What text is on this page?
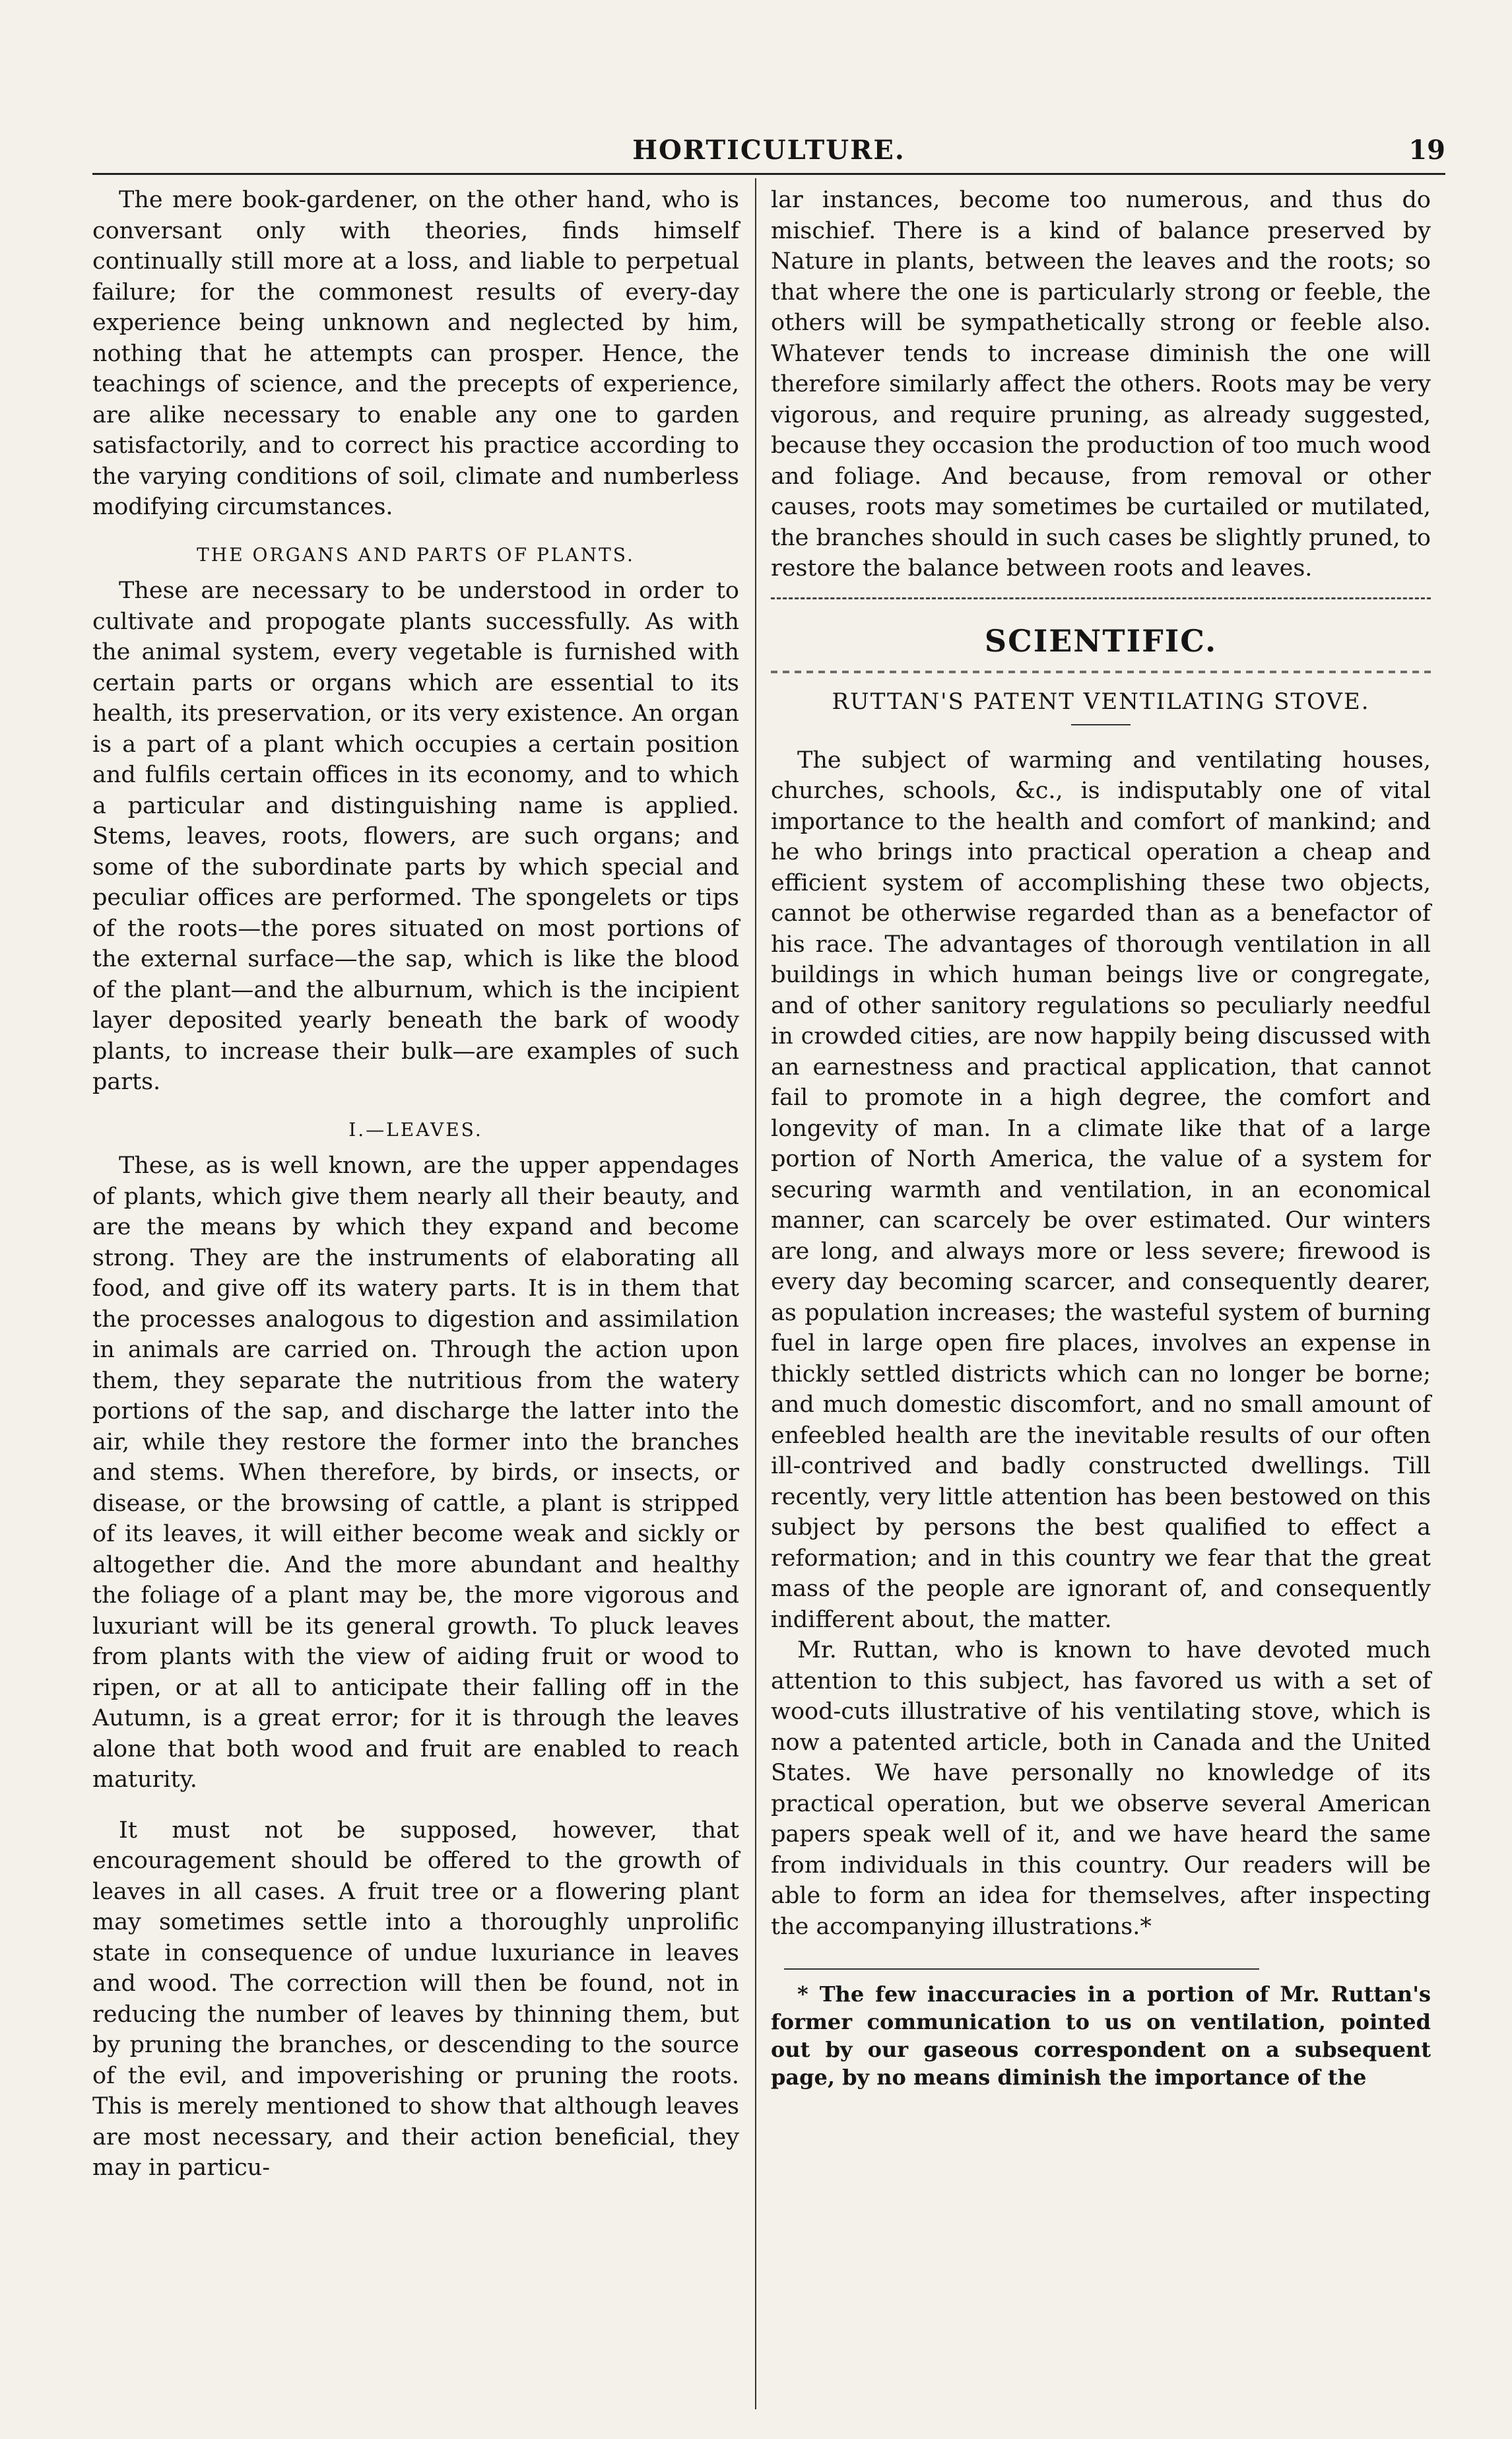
HORTICULTURE.	19

The mere book-gardener, on the other hand, who is conversant only with theories, finds himself continually still more at a loss, and liable to perpetual failure; for the commonest results of every-day experience being unknown and neglected by him, nothing that he attempts can prosper. Hence, the teachings of science, and the precepts of experience, are alike necessary to enable any one to garden satisfactorily, and to correct his practice according to the varying conditions of soil, climate and numberless modifying circumstances.

THE ORGANS AND PARTS OF PLANTS.

These are necessary to be understood in order to cultivate and propogate plants successfully. As with the animal system, every vegetable is furnished with certain parts or organs which are essential to its health, its preservation, or its very existence. An organ is a part of a plant which occupies a certain position and fulfils certain offices in its economy, and to which a particular and distinguishing name is applied. Stems, leaves, roots, flowers, are such organs; and some of the subordinate parts by which special and peculiar offices are performed. The spongelets or tips of the roots—the pores situated on most portions of the external surface—the sap, which is like the blood of the plant—and the alburnum, which is the incipient layer deposited yearly beneath the bark of woody plants, to increase their bulk—are examples of such parts.

I.—LEAVES.

These, as is well known, are the upper appendages of plants, which give them nearly all their beauty, and are the means by which they expand and become strong. They are the instruments of elaborating all food, and give off its watery parts. It is in them that the processes analogous to digestion and assimilation in animals are carried on. Through the action upon them, they separate the nutritious from the watery portions of the sap, and discharge the latter into the air, while they restore the former into the branches and stems. When therefore, by birds, or insects, or disease, or the browsing of cattle, a plant is stripped of its leaves, it will either become weak and sickly or altogether die. And the more abundant and healthy the foliage of a plant may be, the more vigorous and luxuriant will be its general growth. To pluck leaves from plants with the view of aiding fruit or wood to ripen, or at all to anticipate their falling off in the Autumn, is a great error; for it is through the leaves alone that both wood and fruit are enabled to reach maturity.

It must not be supposed, however, that encouragement should be offered to the growth of leaves in all cases. A fruit tree or a flowering plant may sometimes settle into a thoroughly unprolific state in consequence of undue luxuriance in leaves and wood. The correction will then be found, not in reducing the number of leaves by thinning them, but by pruning the branches, or descending to the source of the evil, and impoverishing or pruning the roots. This is merely mentioned to show that although leaves are most necessary, and their action beneficial, they may in particu-

lar instances, become too numerous, and thus do mischief. There is a kind of balance preserved by Nature in plants, between the leaves and the roots; so that where the one is particularly strong or feeble, the others will be sympathetically strong or feeble also. Whatever tends to increase diminish the one will therefore similarly affect the others. Roots may be very vigorous, and require pruning, as already suggested, because they occasion the production of too much wood and foliage. And because, from removal or other causes, roots may sometimes be curtailed or mutilated, the branches should in such cases be slightly pruned, to restore the balance between roots and leaves.

SCIENTIFIC.
RUTTAN'S PATENT VENTILATING STOVE.

The subject of warming and ventilating houses, churches, schools, &c., is indisputably one of vital importance to the health and comfort of mankind; and he who brings into practical operation a cheap and efficient system of accomplishing these two objects, cannot be otherwise regarded than as a benefactor of his race. The advantages of thorough ventilation in all buildings in which human beings live or congregate, and of other sanitory regulations so peculiarly needful in crowded cities, are now happily being discussed with an earnestness and practical application, that cannot fail to promote in a high degree, the comfort and longevity of man. In a climate like that of a large portion of North America, the value of a system for securing warmth and ventilation, in an economical manner, can scarcely be over estimated. Our winters are long, and always more or less severe; firewood is every day becoming scarcer, and consequently dearer, as population increases; the wasteful system of burning fuel in large open fire places, involves an expense in thickly settled districts which can no longer be borne; and much domestic discomfort, and no small amount of enfeebled health are the inevitable results of our often ill-contrived and badly constructed dwellings. Till recently, very little attention has been bestowed on this subject by persons the best qualified to effect a reformation; and in this country we fear that the great mass of the people are ignorant of, and consequently indifferent about, the matter.

Mr. Ruttan, who is known to have devoted much attention to this subject, has favored us with a set of wood-cuts illustrative of his ventilating stove, which is now a patented article, both in Canada and the United States. We have personally no knowledge of its practical operation, but we observe several American papers speak well of it, and we have heard the same from individuals in this country. Our readers will be able to form an idea for themselves, after inspecting the accompanying illustrations.*

* The few inaccuracies in a portion of Mr. Ruttan's former communication to us on ventilation, pointed out by our gaseous correspondent on a subsequent page, by no means diminish the importance of the
